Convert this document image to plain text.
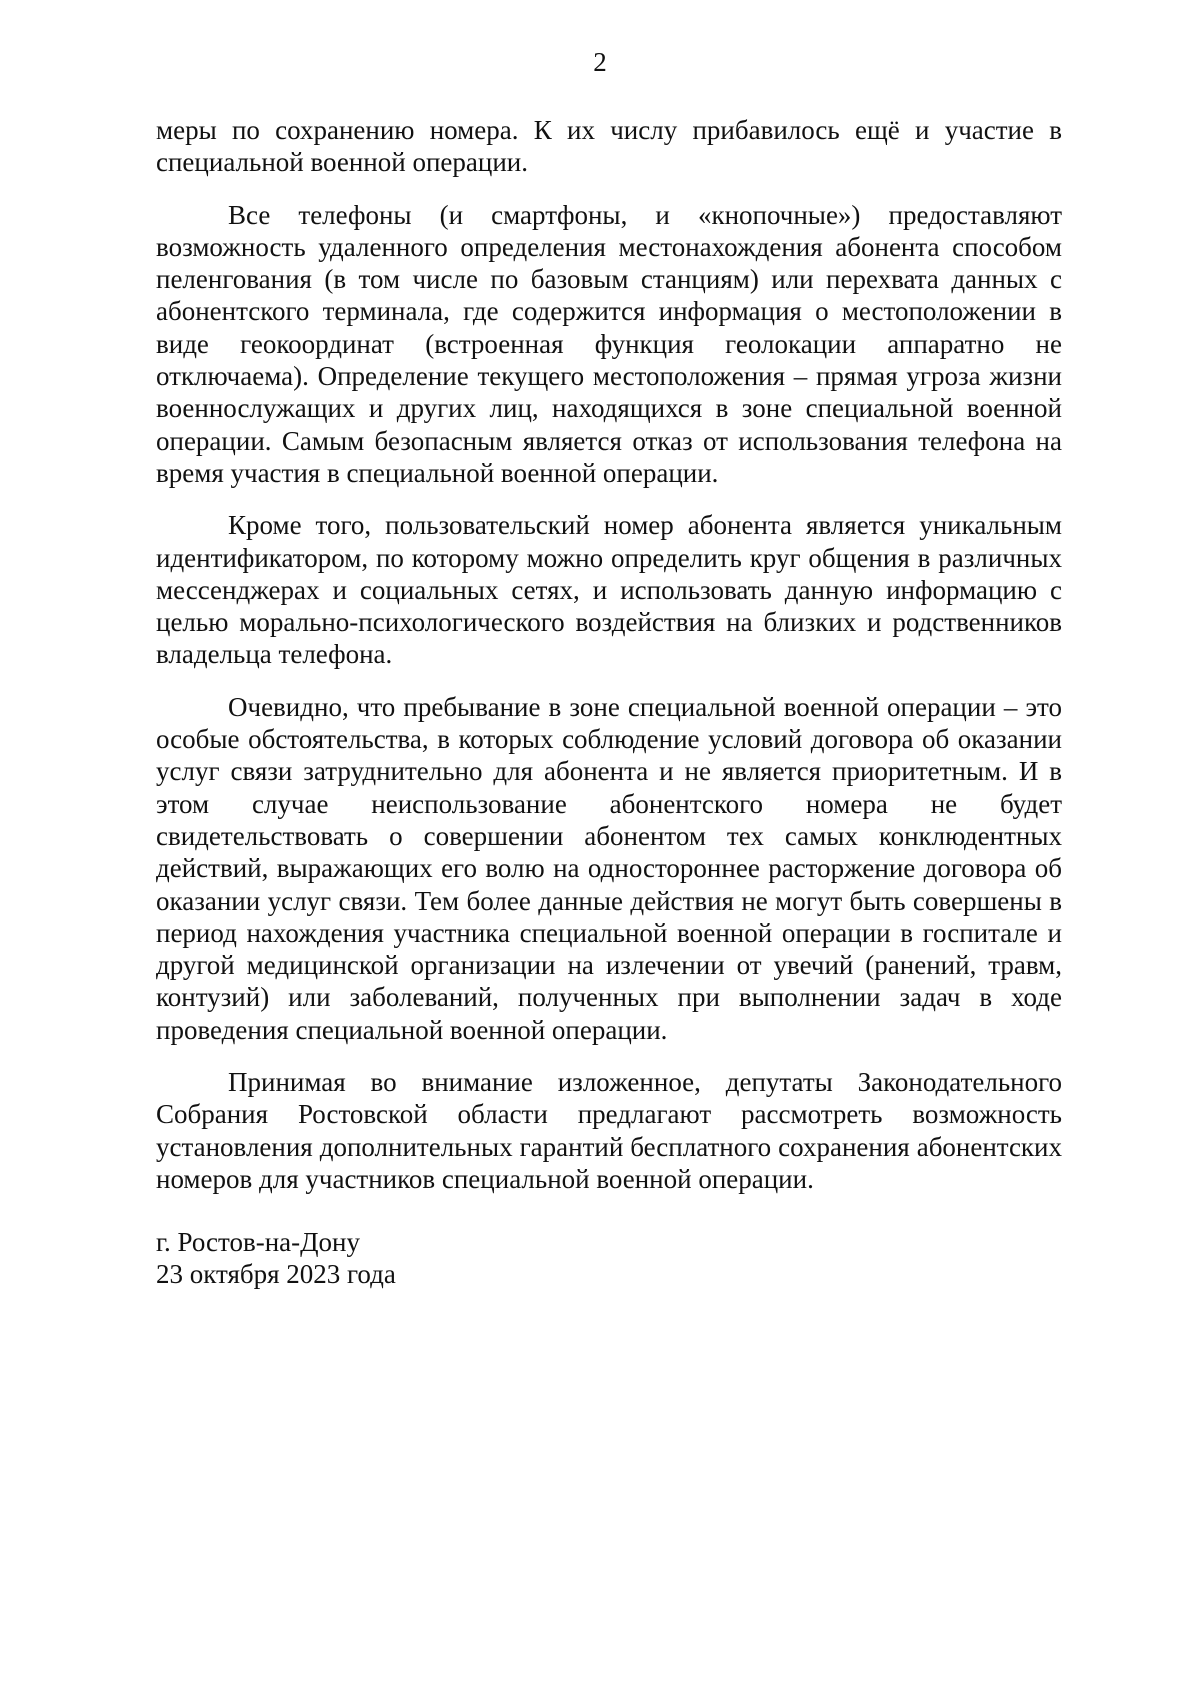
2

меры по сохранению номера. К их числу прибавилось ещё и участие в специальной военной операции.

Все телефоны (и смартфоны, и «кнопочные») предоставляют возможность удаленного определения местонахождения абонента способом пеленгования (в том числе по базовым станциям) или перехвата данных с абонентского терминала, где содержится информация о местоположении в виде геокоординат (встроенная функция геолокации аппаратно не отключаема). Определение текущего местоположения – прямая угроза жизни военнослужащих и других лиц, находящихся в зоне специальной военной операции. Самым безопасным является отказ от использования телефона на время участия в специальной военной операции.

Кроме того, пользовательский номер абонента является уникальным идентификатором, по которому можно определить круг общения в различных мессенджерах и социальных сетях, и использовать данную информацию с целью морально-психологического воздействия на близких и родственников владельца телефона.

Очевидно, что пребывание в зоне специальной военной операции – это особые обстоятельства, в которых соблюдение условий договора об оказании услуг связи затруднительно для абонента и не является приоритетным. И в этом случае неиспользование абонентского номера не будет свидетельствовать о совершении абонентом тех самых конклюдентных действий, выражающих его волю на одностороннее расторжение договора об оказании услуг связи. Тем более данные действия не могут быть совершены в период нахождения участника специальной военной операции в госпитале и другой медицинской организации на излечении от увечий (ранений, травм, контузий) или заболеваний, полученных при выполнении задач в ходе проведения специальной военной операции.

Принимая во внимание изложенное, депутаты Законодательного Собрания Ростовской области предлагают рассмотреть возможность установления дополнительных гарантий бесплатного сохранения абонентских номеров для участников специальной военной операции.

г. Ростов-на-Дону

23 октября 2023 года
